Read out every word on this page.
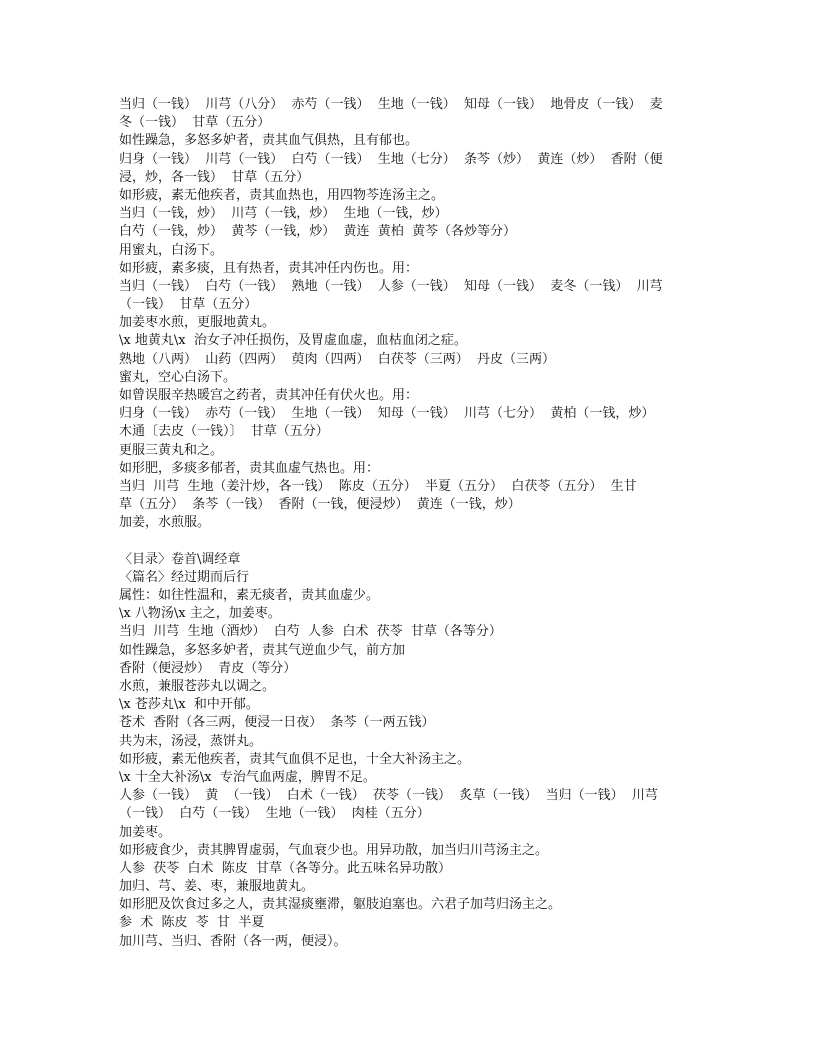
当归（一钱）  川芎（八分）  赤芍（一钱）  生地（一钱）  知母（一钱）  地骨皮（一钱）  麦
冬（一钱）  甘草（五分）
如性躁急，多怒多妒者，责其血气俱热，且有郁也。
归身（一钱）  川芎（一钱）  白芍（一钱）  生地（七分）  条芩（炒）  黄连（炒）  香附（便
浸，炒，各一钱）  甘草（五分）
如形疲，素无他疾者，责其血热也，用四物芩连汤主之。
当归（一钱，炒）  川芎（一钱，炒）  生地（一钱，炒）
白芍（一钱，炒）  黄芩（一钱，炒）  黄连  黄柏  黄芩（各炒等分）
用蜜丸，白汤下。
如形疲，素多痰，且有热者，责其冲任内伤也。用：
当归（一钱）  白芍（一钱）  熟地（一钱）  人参（一钱）  知母（一钱）  麦冬（一钱）  川芎
（一钱）  甘草（五分）
加姜枣水煎，更服地黄丸。
\x 地黄丸\x  治女子冲任损伤，及胃虚血虚，血枯血闭之症。
熟地（八两）  山药（四两）  萸肉（四两）  白茯苓（三两）  丹皮（三两）
蜜丸，空心白汤下。
如曾误服辛热暖宫之药者，责其冲任有伏火也。用：
归身（一钱）  赤芍（一钱）  生地（一钱）  知母（一钱）  川芎（七分）  黄柏（一钱，炒）
木通〔去皮（一钱）〕  甘草（五分）
更服三黄丸和之。
如形肥，多痰多郁者，责其血虚气热也。用：
当归  川芎  生地（姜汁炒，各一钱）  陈皮（五分）  半夏（五分）  白茯苓（五分）  生甘
草（五分）  条芩（一钱）  香附（一钱，便浸炒）  黄连（一钱，炒）
加姜，水煎服。
〈目录〉卷首\调经章
〈篇名〉经过期而后行
属性：如往性温和，素无痰者，责其血虚少。
\x 八物汤\x 主之，加姜枣。
当归  川芎  生地（酒炒）  白芍  人参  白术  茯苓  甘草（各等分）
如性躁急，多怒多妒者，责其气逆血少气，前方加
香附（便浸炒）  青皮（等分）
水煎，兼服苍莎丸以调之。
\x 苍莎丸\x  和中开郁。
苍术  香附（各三两，便浸一日夜）  条芩（一两五钱）
共为末，汤浸，蒸饼丸。
如形疲，素无他疾者，责其气血俱不足也，十全大补汤主之。
\x 十全大补汤\x  专治气血两虚，脾胃不足。
人参（一钱）  黄  （一钱）  白术（一钱）  茯苓（一钱）  炙草（一钱）  当归（一钱）  川芎
（一钱）  白芍（一钱）  生地（一钱）  肉桂（五分）
加姜枣。
如形疲食少，责其脾胃虚弱，气血衰少也。用异功散，加当归川芎汤主之。
人参  茯苓  白术  陈皮  甘草（各等分。此五味名异功散）
加归、芎、姜、枣，兼服地黄丸。
如形肥及饮食过多之人，责其湿痰壅滞，躯肢迫塞也。六君子加芎归汤主之。
参  术  陈皮  苓  甘  半夏
加川芎、当归、香附（各一两，便浸）。
